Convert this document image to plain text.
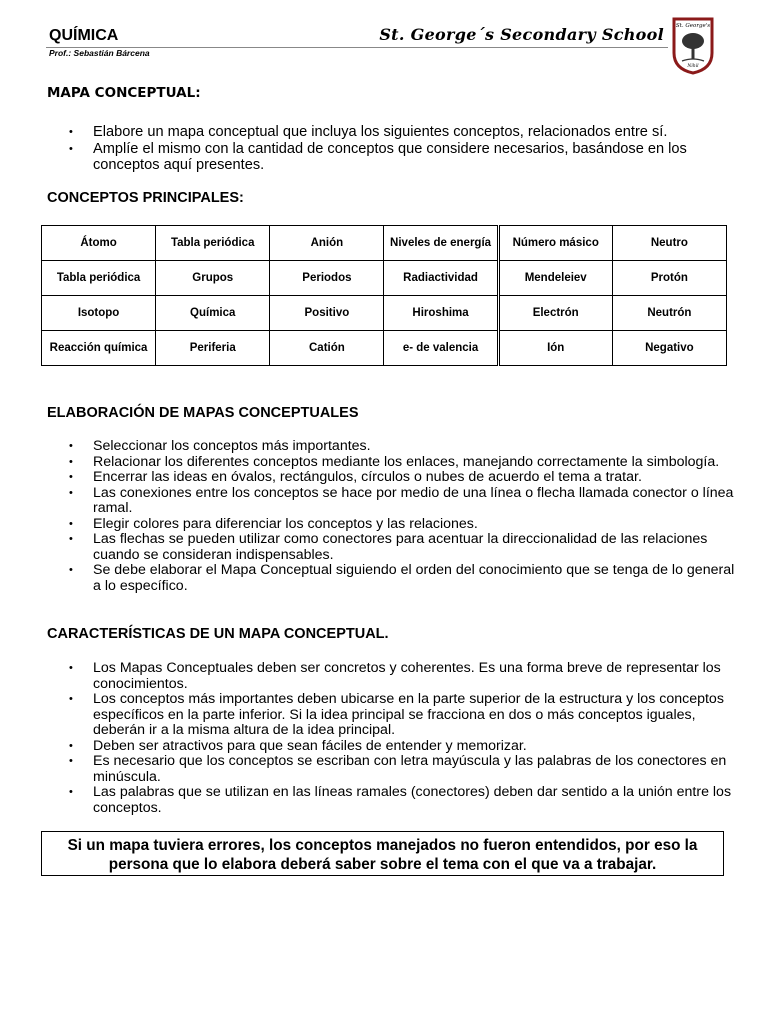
QUÍMICA
Prof.: Sebastián Bárcena
St. George´s Secondary School St. George's
Nihil
MAPA CONCEPTUAL:
• Elabore un mapa conceptual que incluya los siguientes conceptos, relacionados entre sí.
• Amplíe el mismo con la cantidad de conceptos que considere necesarios, basándose en los conceptos aquí presentes.
CONCEPTOS PRINCIPALES:
Átomo	Tabla periódica	Anión	Niveles de energía	Número másico	Neutro
Tabla periódica	Grupos	Periodos	Radiactividad	Mendeleiev	Protón
Isotopo	Química	Positivo	Hiroshima	Electrón	Neutrón
Reacción química	Periferia	Catión	e- de valencia	Ión	Negativo
ELABORACIÓN DE MAPAS CONCEPTUALES
• Seleccionar los conceptos más importantes.
• Relacionar los diferentes conceptos mediante los enlaces, manejando correctamente la simbología.
• Encerrar las ideas en óvalos, rectángulos, círculos o nubes de acuerdo el tema a tratar.
• Las conexiones entre los conceptos se hace por medio de una línea o flecha llamada conector o línea ramal.
• Elegir colores para diferenciar los conceptos y las relaciones.
• Las flechas se pueden utilizar como conectores para acentuar la direccionalidad de las relaciones cuando se consideran indispensables.
• Se debe elaborar el Mapa Conceptual siguiendo el orden del conocimiento que se tenga de lo general a lo específico.
CARACTERÍSTICAS DE UN MAPA CONCEPTUAL.
• Los Mapas Conceptuales deben ser concretos y coherentes. Es una forma breve de representar los conocimientos.
• Los conceptos más importantes deben ubicarse en la parte superior de la estructura y los conceptos específicos en la parte inferior. Si la idea principal se fracciona en dos o más conceptos iguales, deberán ir a la misma altura de la idea principal.
• Deben ser atractivos para que sean fáciles de entender y memorizar.
• Es necesario que los conceptos se escriban con letra mayúscula y las palabras de los conectores en minúscula.
• Las palabras que se utilizan en las líneas ramales (conectores) deben dar sentido a la unión entre los conceptos.
Si un mapa tuviera errores, los conceptos manejados no fueron entendidos, por eso la persona que lo elabora deberá saber sobre el tema con el que va a trabajar.
